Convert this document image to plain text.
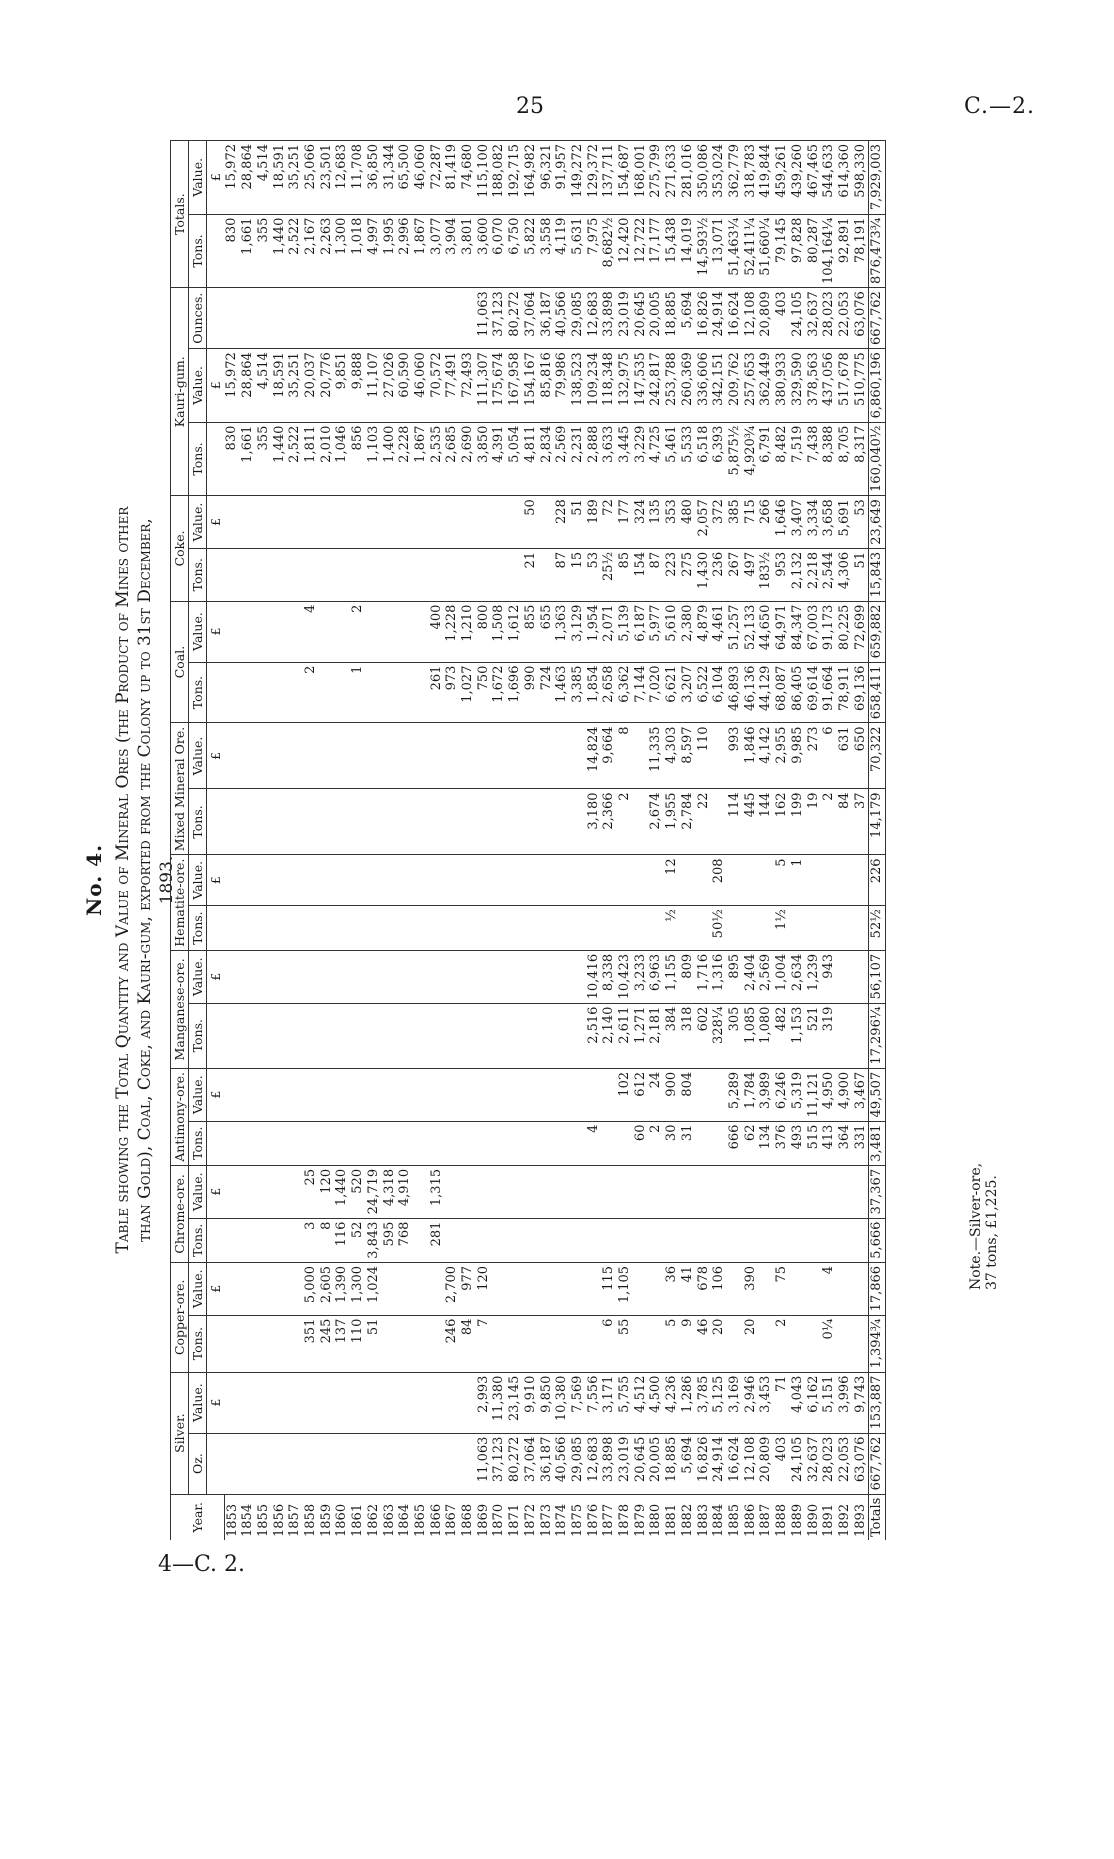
25	C.—2.
No. 4. Table showing the Total Quantity and Value of Mineral Ores (the Product of Mines other than Gold), Coal, Coke, and Kauri-gum, exported from the Colony up to 31st December, 1893.
Year.	Silver.		Copper-ore.		Chrome-ore.		Antimony-ore.		Manganese-ore.		Hematite-ore.		Mixed Mineral Ore.		Coal.		Coke.		Kauri-gum.			Totals.	
	Oz.	Value.	Tons.	Value.	Tons.	Value.	Tons.	Value.	Tons.	Value.	Tons.	Value.	Tons.	Value.	Tons.	Value.	Tons.	Value.	Tons.	Value.	Ounces.	Tons.	Value.
		£		£		£		£		£		£		£		£		£		£			£
1853																			830	15,972		830	15,972
1854																			1,661	28,864		1,661	28,864
1855																			355	4,514		355	4,514
1856																			1,440	18,591		1,440	18,591
1857																			2,522	35,251		2,522	35,251
1858			351	5,000	3	25									2	4			1,811	20,037		2,167	25,066
1859			245	2,605	8	120													2,010	20,776		2,263	23,501
1860			137	1,390	116	1,440													1,046	9,851		1,300	12,683
1861			110	1,300	52	520									1	2			856	9,888		1,018	11,708
1862			51	1,024	3,843	24,719													1,103	11,107		4,997	36,850
1863					595	4,318													1,400	27,026		1,995	31,344
1864					768	4,910													2,228	60,590		2,996	65,500
1865																			1,867	46,060		1,867	46,060
1866					281	1,315									261	400			2,535	70,572		3,077	72,287
1867			246	2,700											973	1,228			2,685	77,491		3,904	81,419
1868			84	977											1,027	1,210			2,690	72,493		3,801	74,680
1869	11,063	2,993	7	120											750	800			3,850	111,307	11,063	3,600	115,100
1870	37,123	11,380													1,672	1,508			4,391	175,674	37,123	6,070	188,082
1871	80,272	23,145													1,696	1,612			5,054	167,958	80,272	6,750	192,715
1872	37,064	9,910													990	855	21	50	4,811	154,167	37,064	5,822	164,982
1873	36,187	9,850													724	655			2,834	85,816	36,187	3,558	96,321
1874	40,566	10,380													1,463	1,363	87	228	2,569	79,986	40,566	4,119	91,957
1875	29,085	7,569													3,385	3,129	15	51	2,231	138,523	29,085	5,631	149,272
1876	12,683	7,556					4		2,516	10,416			3,180	14,824	1,854	1,954	53	189	2,888	109,234	12,683	7,975	129,372
1877	33,898	3,171	6	115					2,140	8,338			2,366	9,664	2,658	2,071	25½	72	3,633	118,348	33,898	8,682½	137,711
1878	23,019	5,755	55	1,105				102	2,611	10,423			2	8	6,362	5,139	85	177	3,445	132,975	23,019	12,420	154,687
1879	20,645	4,512					60	612	1,271	3,233					7,144	6,187	154	324	3,229	147,535	20,645	12,722	168,001
1880	20,005	4,500					2	24	2,181	6,963			2,674	11,335	7,020	5,977	87	135	4,725	242,817	20,005	17,177	275,799
1881	18,885	4,236	5	36			30	900	384	1,155	½	12	1,955	4,303	6,621	5,610	223	353	5,461	253,788	18,885	15,438	271,633
1882	5,694	1,286	9	41			31	804	318	809			2,784	8,597	3,207	2,380	275	480	5,533	260,369	5,694	14,019	281,016
1883	16,826	3,785	46	678					602	1,716			22	110	6,522	4,879	1,430	2,057	6,518	336,606	16,826	14,593½	350,086
1884	24,914	5,125	20	106					328¼	1,316	50½	208			6,104	4,461	236	372	6,393	342,151	24,914	13,071	353,024
1885	16,624	3,169					666	5,289	305	895			114	993	46,893	51,257	267	385	5,875½	209,762	16,624	51,463¼	362,779
1886	12,108	2,946	20	390			62	1,784	1,085	2,404			445	1,846	46,136	52,133	497	715	4,920¾	257,653	12,108	52,411¼	318,783
1887	20,809	3,453					134	3,989	1,080	2,569			144	4,142	44,129	44,650	183½	266	6,791	362,449	20,809	51,660¼	419,844
1888	403	71	2	75			376	6,246	482	1,004	1½	5	162	2,955	68,087	64,971	953	1,646	8,482	380,933	403	79,145	459,261
1889	24,105	4,043					493	5,319	1,153	2,634		1	199	9,985	86,405	84,347	2,132	3,407	7,519	329,590	24,105	97,828	439,260
1890	32,637	6,162					515	11,121	521	1,239			19	273	69,614	67,003	2,218	3,334	7,438	378,563	32,637	80,287	467,465
1891	28,023	5,151	0¼	4			413	4,950	319	943			2	6	91,664	91,173	2,544	3,658	8,388	437,056	28,023	104,164¼	544,633
1892	22,053	3,996					364	4,900					84	631	78,911	80,225	4,306	5,691	8,705	517,678	22,053	92,891	614,360
1893	63,076	9,743					331	3,467					37	650	69,136	72,699	51	53	8,317	510,775	63,076	78,191	598,330
Totals	667,762	153,887	1,394¾	17,866	5,666	37,367	3,481	49,507	17,296¼	56,107	52½	226	14,179	70,322	658,411	659,882	15,843	23,649	160,040½	6,860,196	667,762	876,473¾	7,929,003
Note.—Silver-ore, 37 tons, £1,225.
4—C. 2.
